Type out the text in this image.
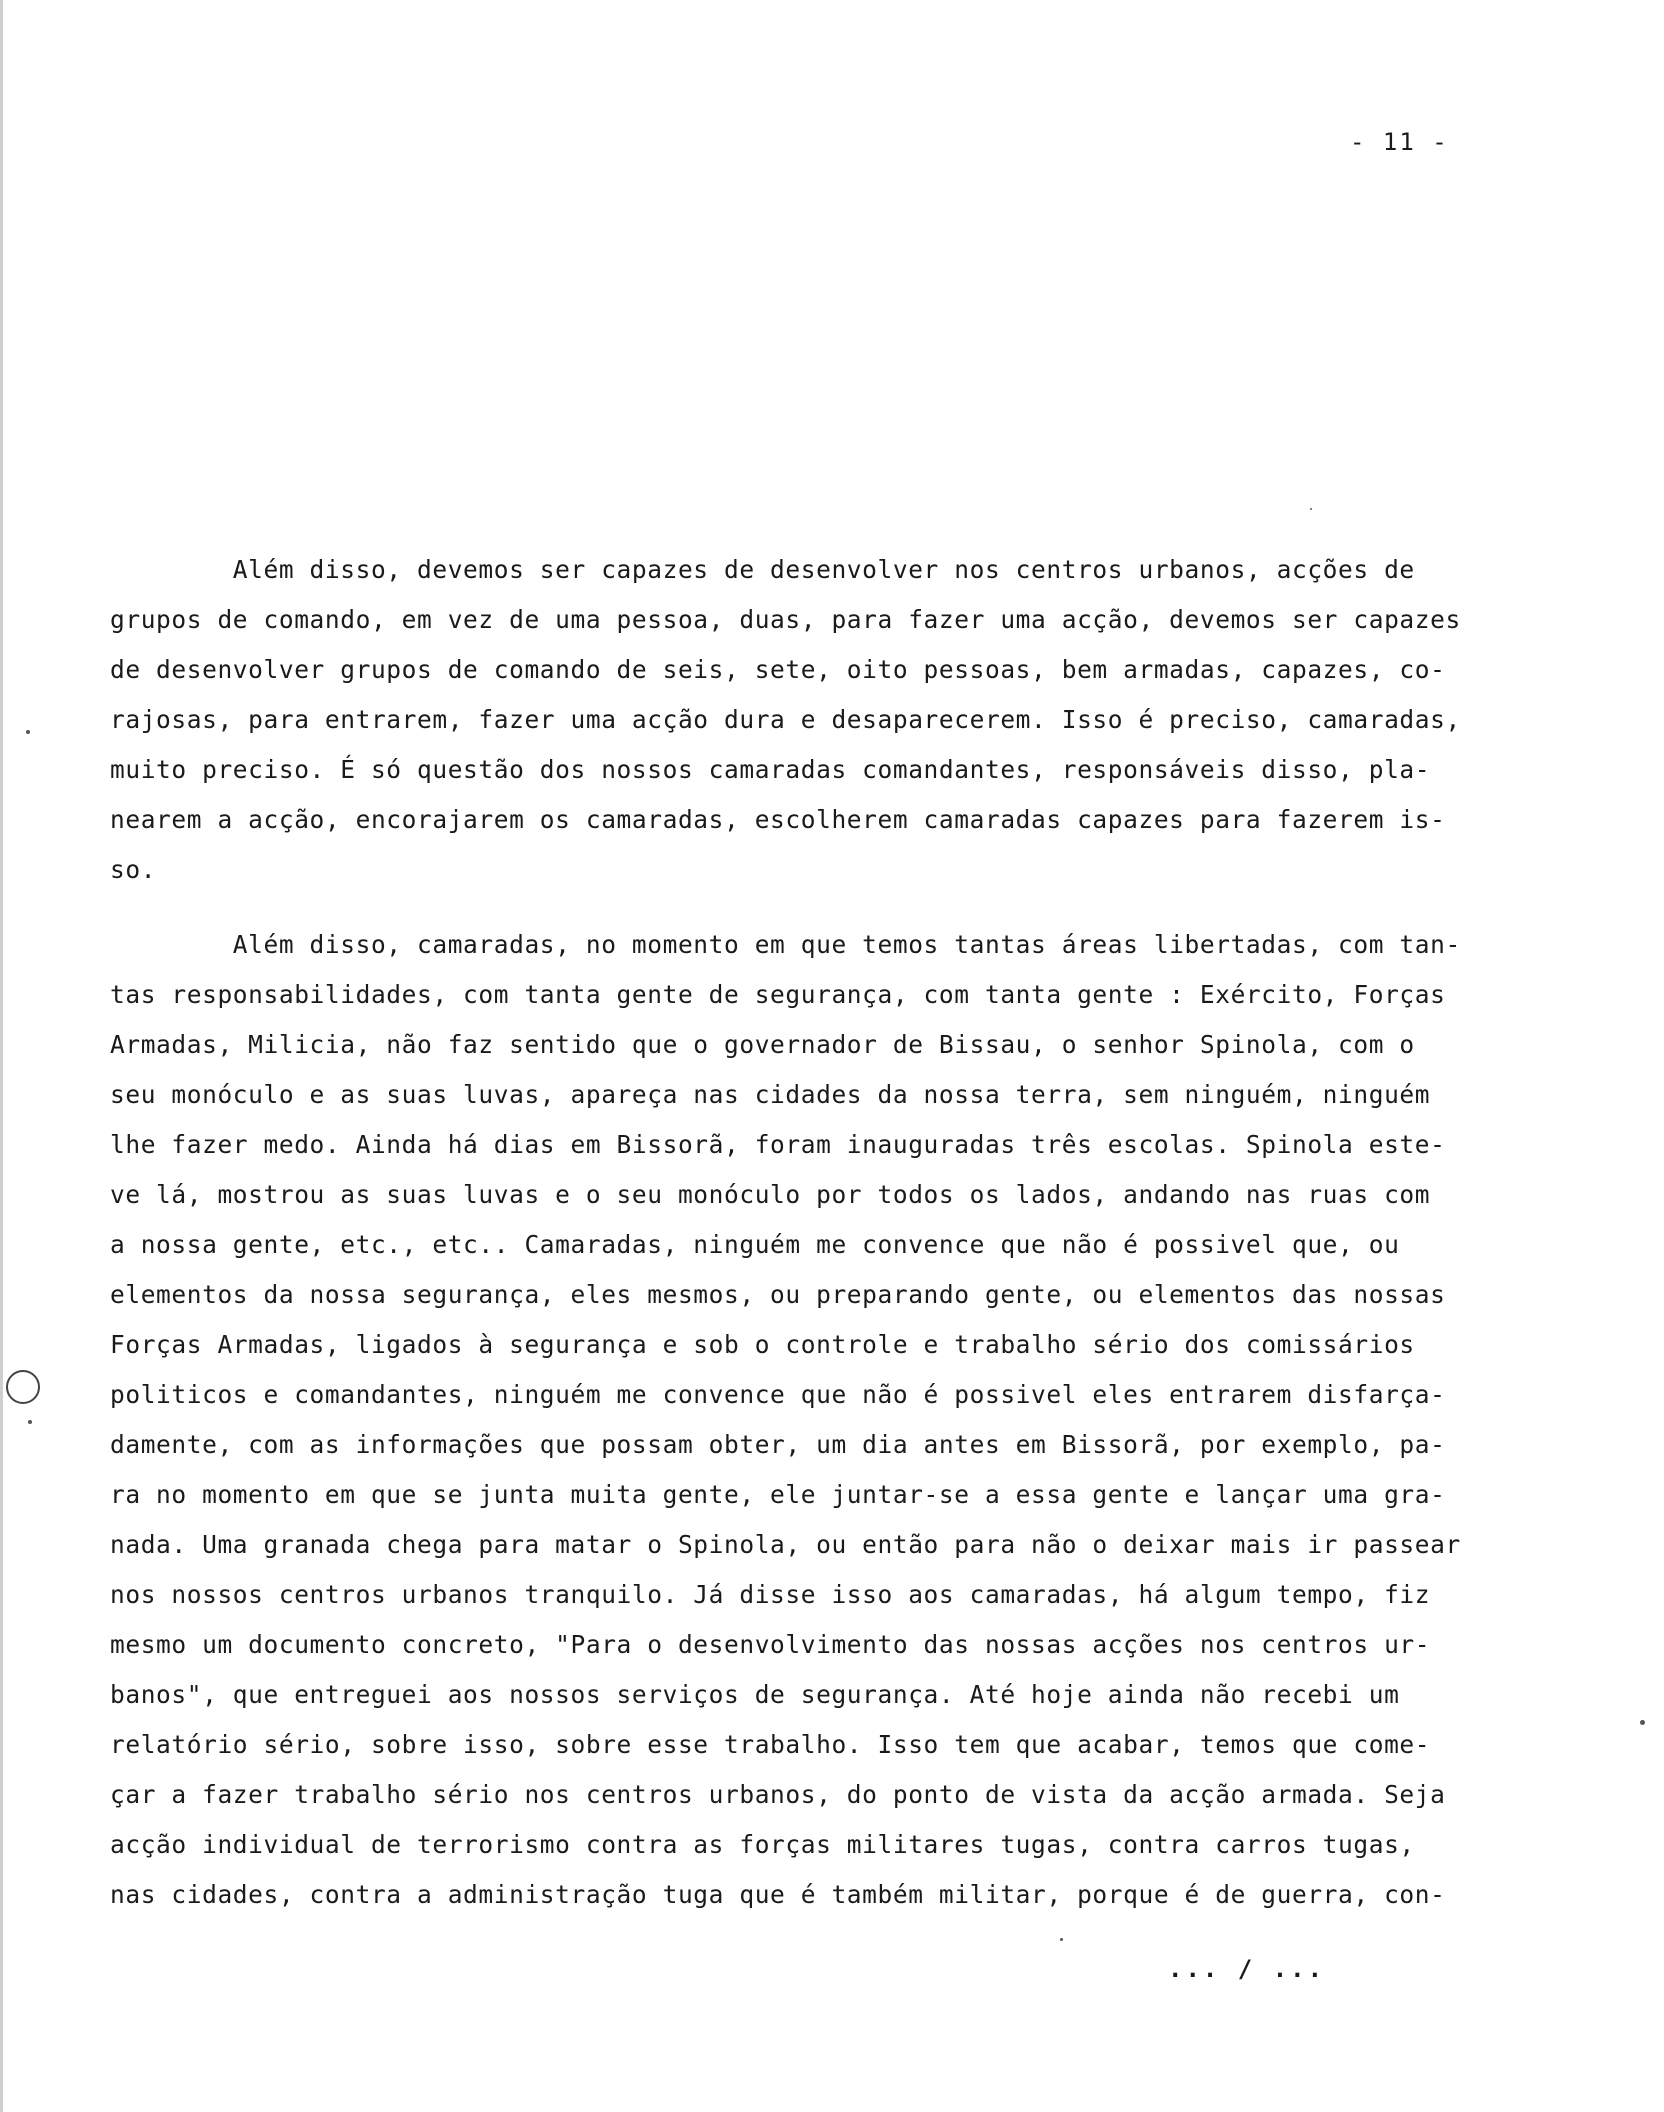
- 11 -
Além disso, devemos ser capazes de desenvolver nos centros urbanos, acções de
grupos de comando, em vez de uma pessoa, duas, para fazer uma acção, devemos ser capazes
de desenvolver grupos de comando de seis, sete, oito pessoas, bem armadas, capazes, co-
rajosas, para entrarem, fazer uma acção dura e desaparecerem. Isso é preciso, camaradas,
muito preciso. É só questão dos nossos camaradas comandantes, responsáveis disso, pla-
nearem a acção, encorajarem os camaradas, escolherem camaradas capazes para fazerem is-
so.
Além disso, camaradas, no momento em que temos tantas áreas libertadas, com tan-
tas responsabilidades, com tanta gente de segurança, com tanta gente : Exército, Forças
Armadas, Milicia, não faz sentido que o governador de Bissau, o senhor Spinola, com o
seu monóculo e as suas luvas, apareça nas cidades da nossa terra, sem ninguém, ninguém
lhe fazer medo. Ainda há dias em Bissorã, foram inauguradas três escolas. Spinola este-
ve lá, mostrou as suas luvas e o seu monóculo por todos os lados, andando nas ruas com
a nossa gente, etc., etc.. Camaradas, ninguém me convence que não é possivel que, ou
elementos da nossa segurança, eles mesmos, ou preparando gente, ou elementos das nossas
Forças Armadas, ligados à segurança e sob o controle e trabalho sério dos comissários
politicos e comandantes, ninguém me convence que não é possivel eles entrarem disfarça-
damente, com as informações que possam obter, um dia antes em Bissorã, por exemplo, pa-
ra no momento em que se junta muita gente, ele juntar-se a essa gente e lançar uma gra-
nada. Uma granada chega para matar o Spinola, ou então para não o deixar mais ir passear
nos nossos centros urbanos tranquilo. Já disse isso aos camaradas, há algum tempo, fiz
mesmo um documento concreto, "Para o desenvolvimento das nossas acções nos centros ur-
banos", que entreguei aos nossos serviços de segurança. Até hoje ainda não recebi um
relatório sério, sobre isso, sobre esse trabalho. Isso tem que acabar, temos que come-
çar a fazer trabalho sério nos centros urbanos, do ponto de vista da acção armada. Seja
acção individual de terrorismo contra as forças militares tugas, contra carros tugas,
nas cidades, contra a administração tuga que é também militar, porque é de guerra, con-
... / ...
